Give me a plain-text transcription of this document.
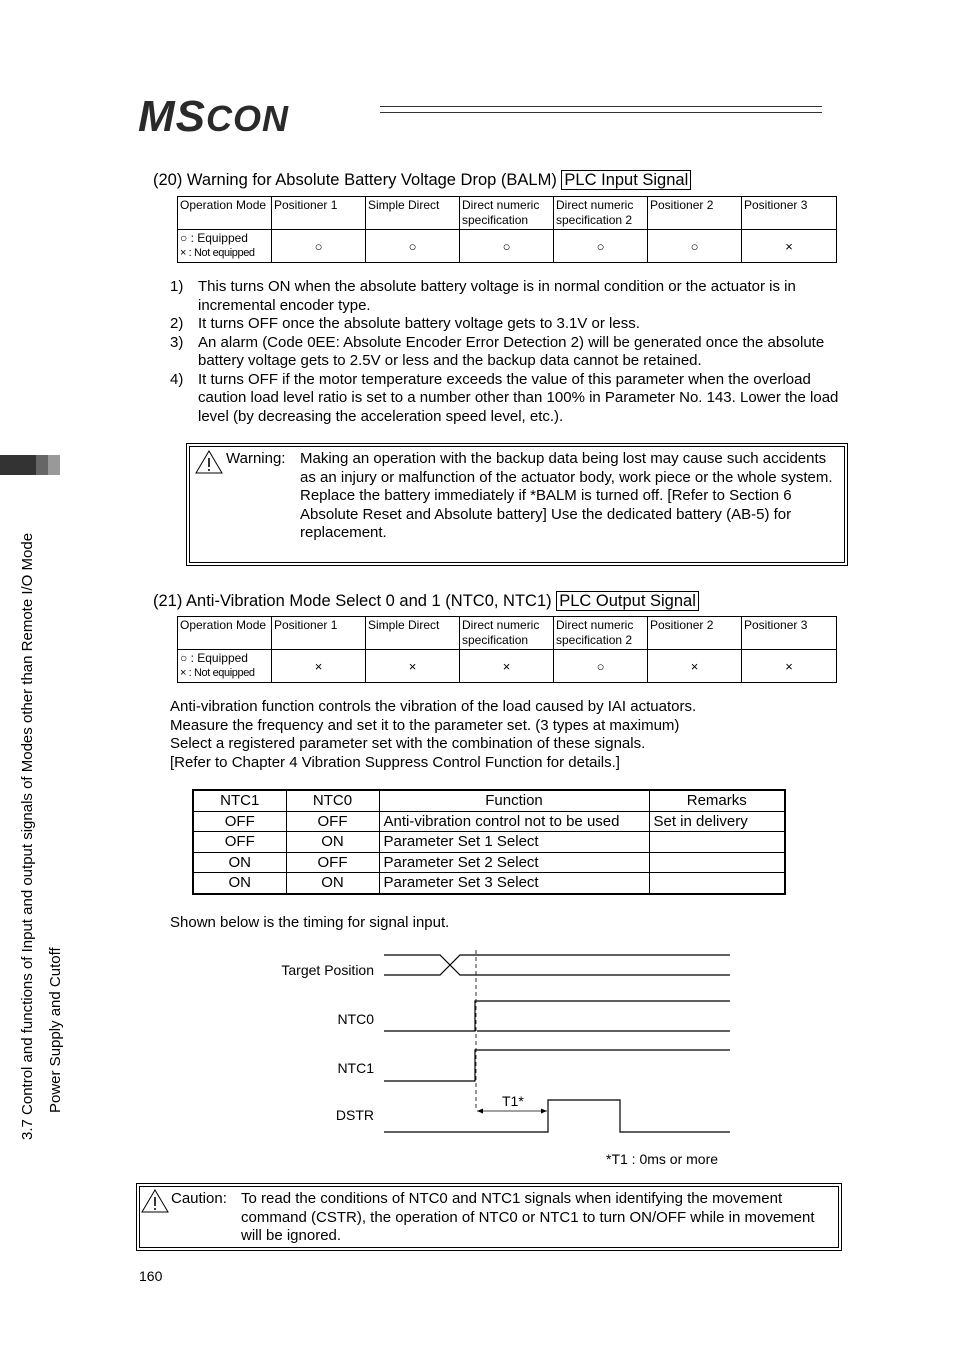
MSCON
3.7 Control and functions of Input and output signals of Modes other than Remote I/O Mode Power Supply and Cutoff
(20) Warning for Absolute Battery Voltage Drop (BALM) PLC Input Signal
Operation Mode	Positioner 1	Simple Direct	Direct numeric specification	Direct numeric specification 2	Positioner 2	Positioner 3

○ : Equipped
× : Not equipped	○	○	○	○	○	×
1) This turns ON when the absolute battery voltage is in normal condition or the actuator is in incremental encoder type.
2) It turns OFF once the absolute battery voltage gets to 3.1V or less.
3) An alarm (Code 0EE: Absolute Encoder Error Detection 2) will be generated once the absolute battery voltage gets to 2.5V or less and the backup data cannot be retained.
4) It turns OFF if the motor temperature exceeds the value of this parameter when the overload caution load level ratio is set to a number other than 100% in Parameter No. 143. Lower the load level (by decreasing the acceleration speed level, etc.).
Warning: Making an operation with the backup data being lost may cause such accidents as an injury or malfunction of the actuator body, work piece or the whole system.
Replace the battery immediately if *BALM is turned off. [Refer to Section 6 Absolute Reset and Absolute battery] Use the dedicated battery (AB-5) for replacement.
(21) Anti-Vibration Mode Select 0 and 1 (NTC0, NTC1) PLC Output Signal
Operation Mode	Positioner 1	Simple Direct	Direct numeric specification	Direct numeric specification 2	Positioner 2	Positioner 3

○ : Equipped
× : Not equipped	×	×	×	○	×	×
Anti-vibration function controls the vibration of the load caused by IAI actuators.
Measure the frequency and set it to the parameter set. (3 types at maximum)
Select a registered parameter set with the combination of these signals.
[Refer to Chapter 4 Vibration Suppress Control Function for details.]
NTC1	NTC0	Function	Remarks
OFF	OFF	Anti-vibration control not to be used	Set in delivery
OFF	ON	Parameter Set 1 Select	
ON	OFF	Parameter Set 2 Select	
ON	ON	Parameter Set 3 Select	
Shown below is the timing for signal input.
Target Position
NTC0
NTC1
DSTR
T1*
*T1 : 0ms or more
Caution: To read the conditions of NTC0 and NTC1 signals when identifying the movement command (CSTR), the operation of NTC0 or NTC1 to turn ON/OFF while in movement will be ignored.
160
